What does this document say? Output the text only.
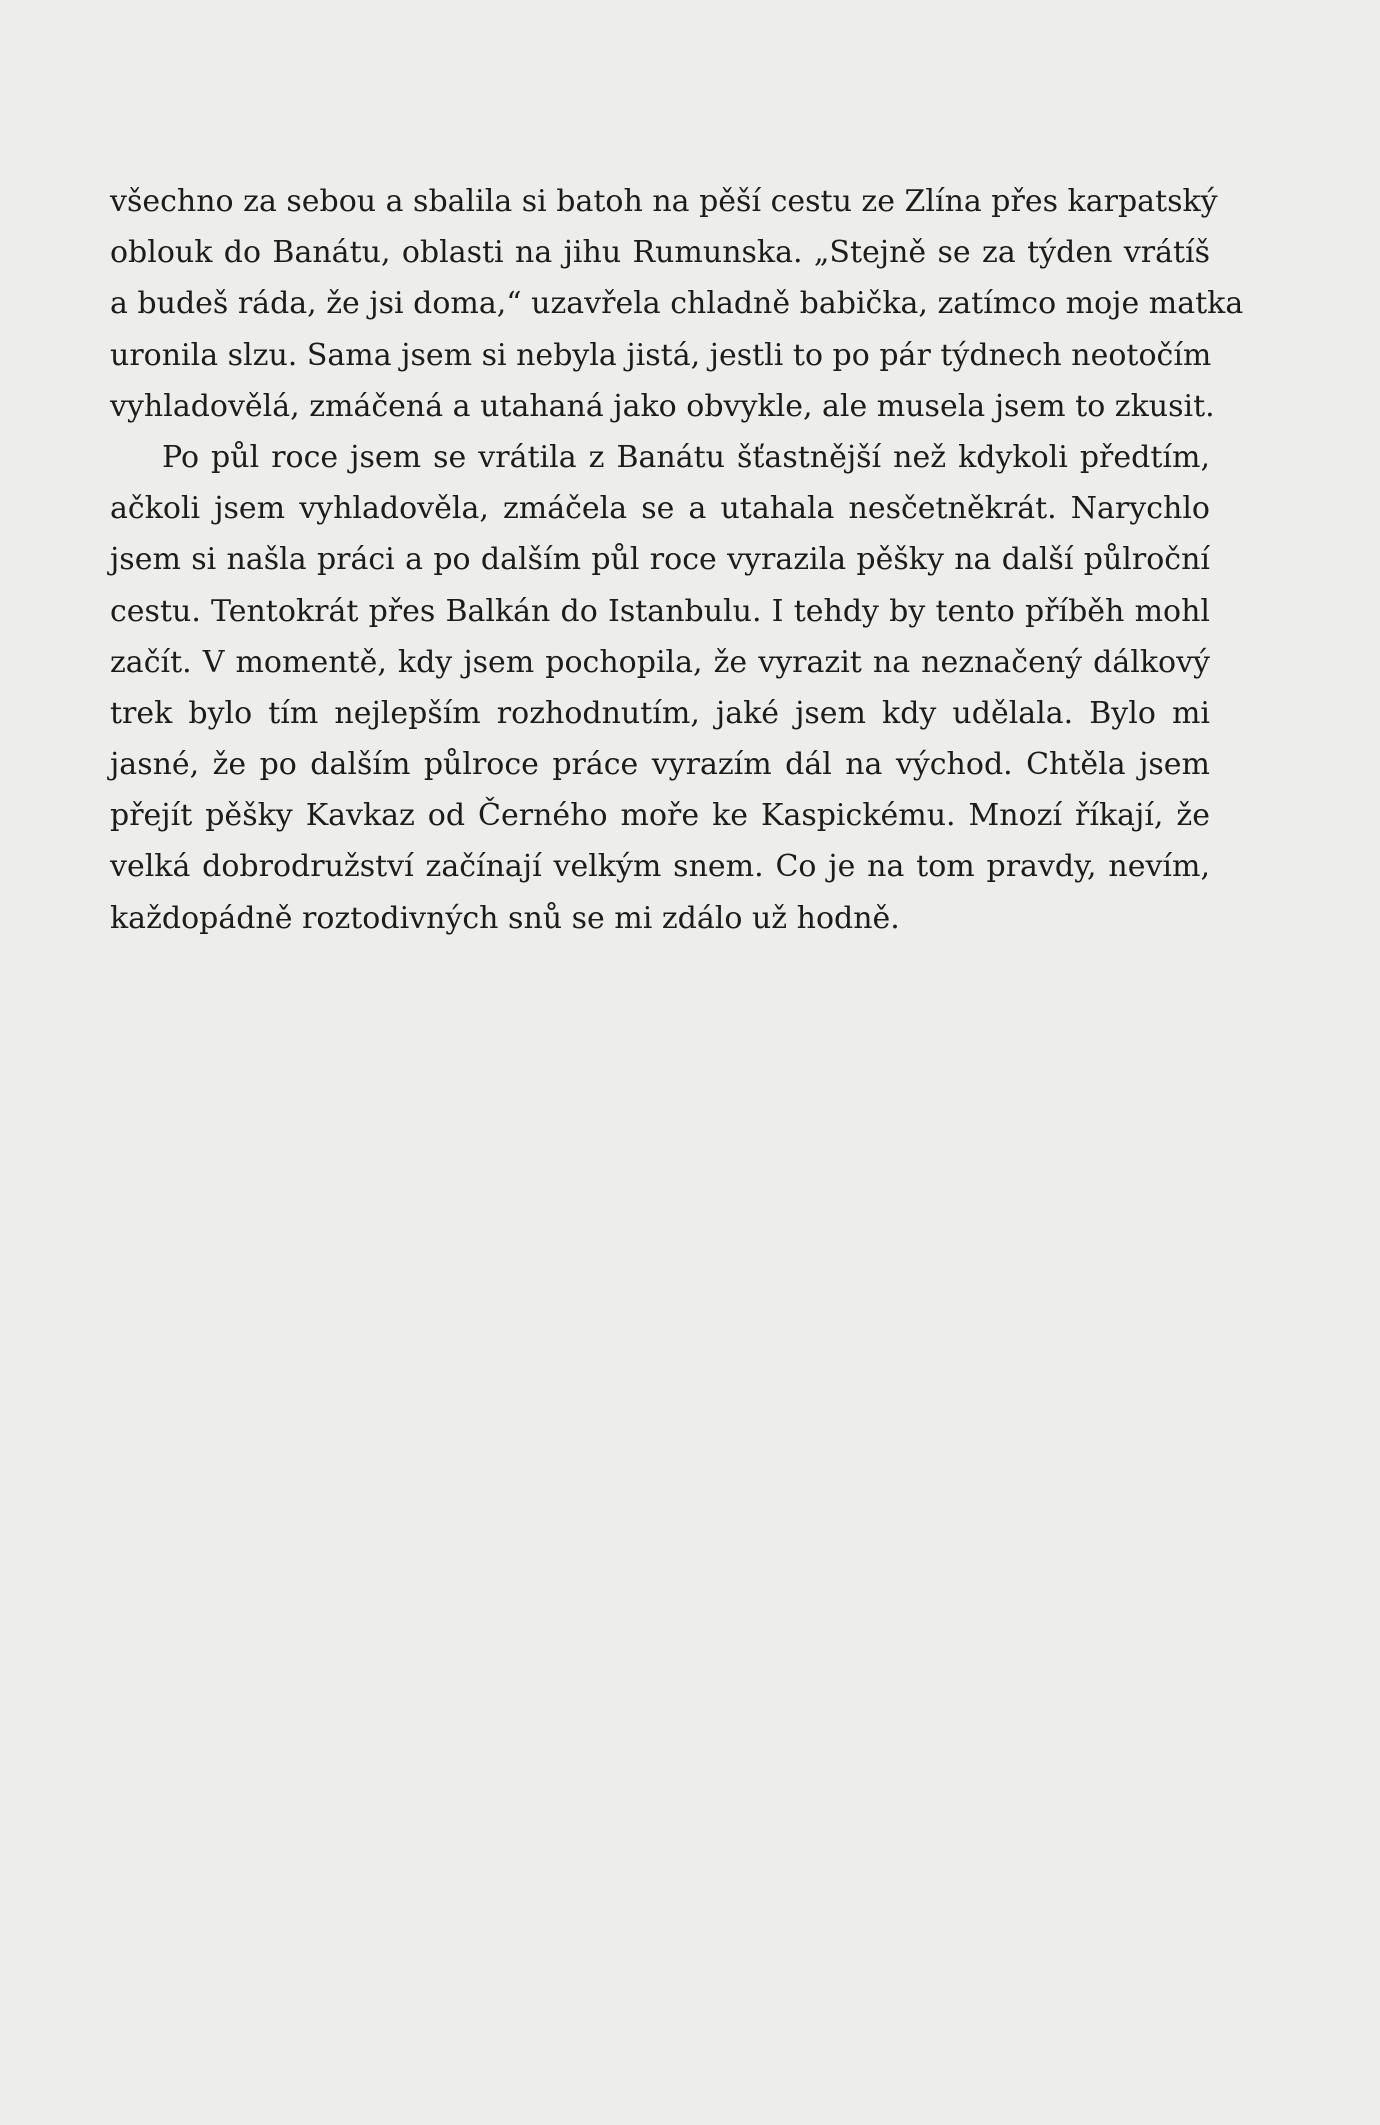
všechno za sebou a sbalila si batoh na pěší cestu ze Zlína přes karpatský
oblouk do Banátu, oblasti na jihu Rumunska. „Stejně se za týden vrátíš
a budeš ráda, že jsi doma,“ uzavřela chladně babička, zatímco moje matka
uronila slzu. Sama jsem si nebyla jistá, jestli to po pár týdnech neotočím
vyhladovělá, zmáčená a utahaná jako obvykle, ale musela jsem to zkusit.
Po půl roce jsem se vrátila z Banátu šťastnější než kdykoli předtím,
ačkoli jsem vyhladověla, zmáčela se a utahala nesčetněkrát. Narychlo
jsem si našla práci a po dalším půl roce vyrazila pěšky na další půlroční
cestu. Tentokrát přes Balkán do Istanbulu. I tehdy by tento příběh mohl
začít. V momentě, kdy jsem pochopila, že vyrazit na neznačený dálkový
trek bylo tím nejlepším rozhodnutím, jaké jsem kdy udělala. Bylo mi
jasné, že po dalším půlroce práce vyrazím dál na východ. Chtěla jsem
přejít pěšky Kavkaz od Černého moře ke Kaspickému. Mnozí říkají, že
velká dobrodružství začínají velkým snem. Co je na tom pravdy, nevím,
každopádně roztodivných snů se mi zdálo už hodně.
